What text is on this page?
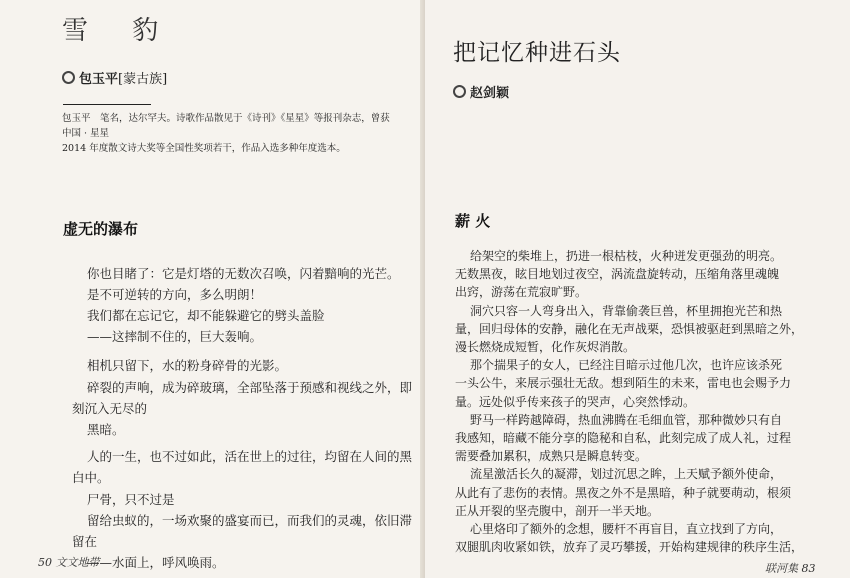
雪 豹
包玉平[蒙古族]
包玉平　笔名，达尔罕夫。诗歌作品散见于《诗刊》《星星》等报刊杂志，曾获中国 · 星星
2014 年度散文诗大奖等全国性奖项若干，作品入选多种年度选本。
虚无的瀑布
你也目睹了：它是灯塔的无数次召唤，闪着黯响的光芒。
是不可逆转的方向，多么明朗！
我们都在忘记它，却不能躲避它的劈头盖脸
——这摔制不住的，巨大轰响。
相机只留下，水的粉身碎骨的光影。
碎裂的声响，成为碎玻璃，全部坠落于预感和视线之外，即
刻沉入无尽的
黑暗。
人的一生，也不过如此，活在世上的过往，均留在人间的黑
白中。
尸骨，只不过是
留给虫蚁的，一场欢聚的盛宴而已，而我们的灵魂，依旧滞
留在
——水面上，呼风唤雨。
50 文文地带
把记忆种进石头
赵剑颖
薪 火
给架空的柴堆上，扔进一根枯枝，火种迸发更强劲的明亮。
无数黑夜，眩目地划过夜空，涡流盘旋转动，压缩角落里魂魄
出窍，游荡在荒寂旷野。
洞穴只容一人弯身出入，背靠偷袭巨兽，杯里拥抱光芒和热
量，回归母体的安静，融化在无声战栗，恐惧被驱赶到黑暗之外，
漫长燃烧成短暂，化作灰烬消散。
那个揣果子的女人，已经注目暗示过他几次，也许应该杀死
一头公牛，来展示强壮无敌。想到陌生的未来，雷电也会赐予力
量。远处似乎传来孩子的哭声，心突然悸动。
野马一样跨越障碍，热血沸腾在毛细血管，那种微妙只有自
我感知，暗藏不能分享的隐秘和自私，此刻完成了成人礼，过程
需要叠加累积，成熟只是瞬息转变。
流星激活长久的凝滞，划过沉思之眸，上天赋予额外使命，
从此有了悲伤的表情。黑夜之外不是黑暗，种子就要萌动，根须
正从开裂的坚壳腹中，剖开一半天地。
心里烙印了额外的念想，腰杆不再盲目，直立找到了方向，
双腿肌肉收紧如铁，放弃了灵巧攀援，开始构建规律的秩序生活，
联河集 83
